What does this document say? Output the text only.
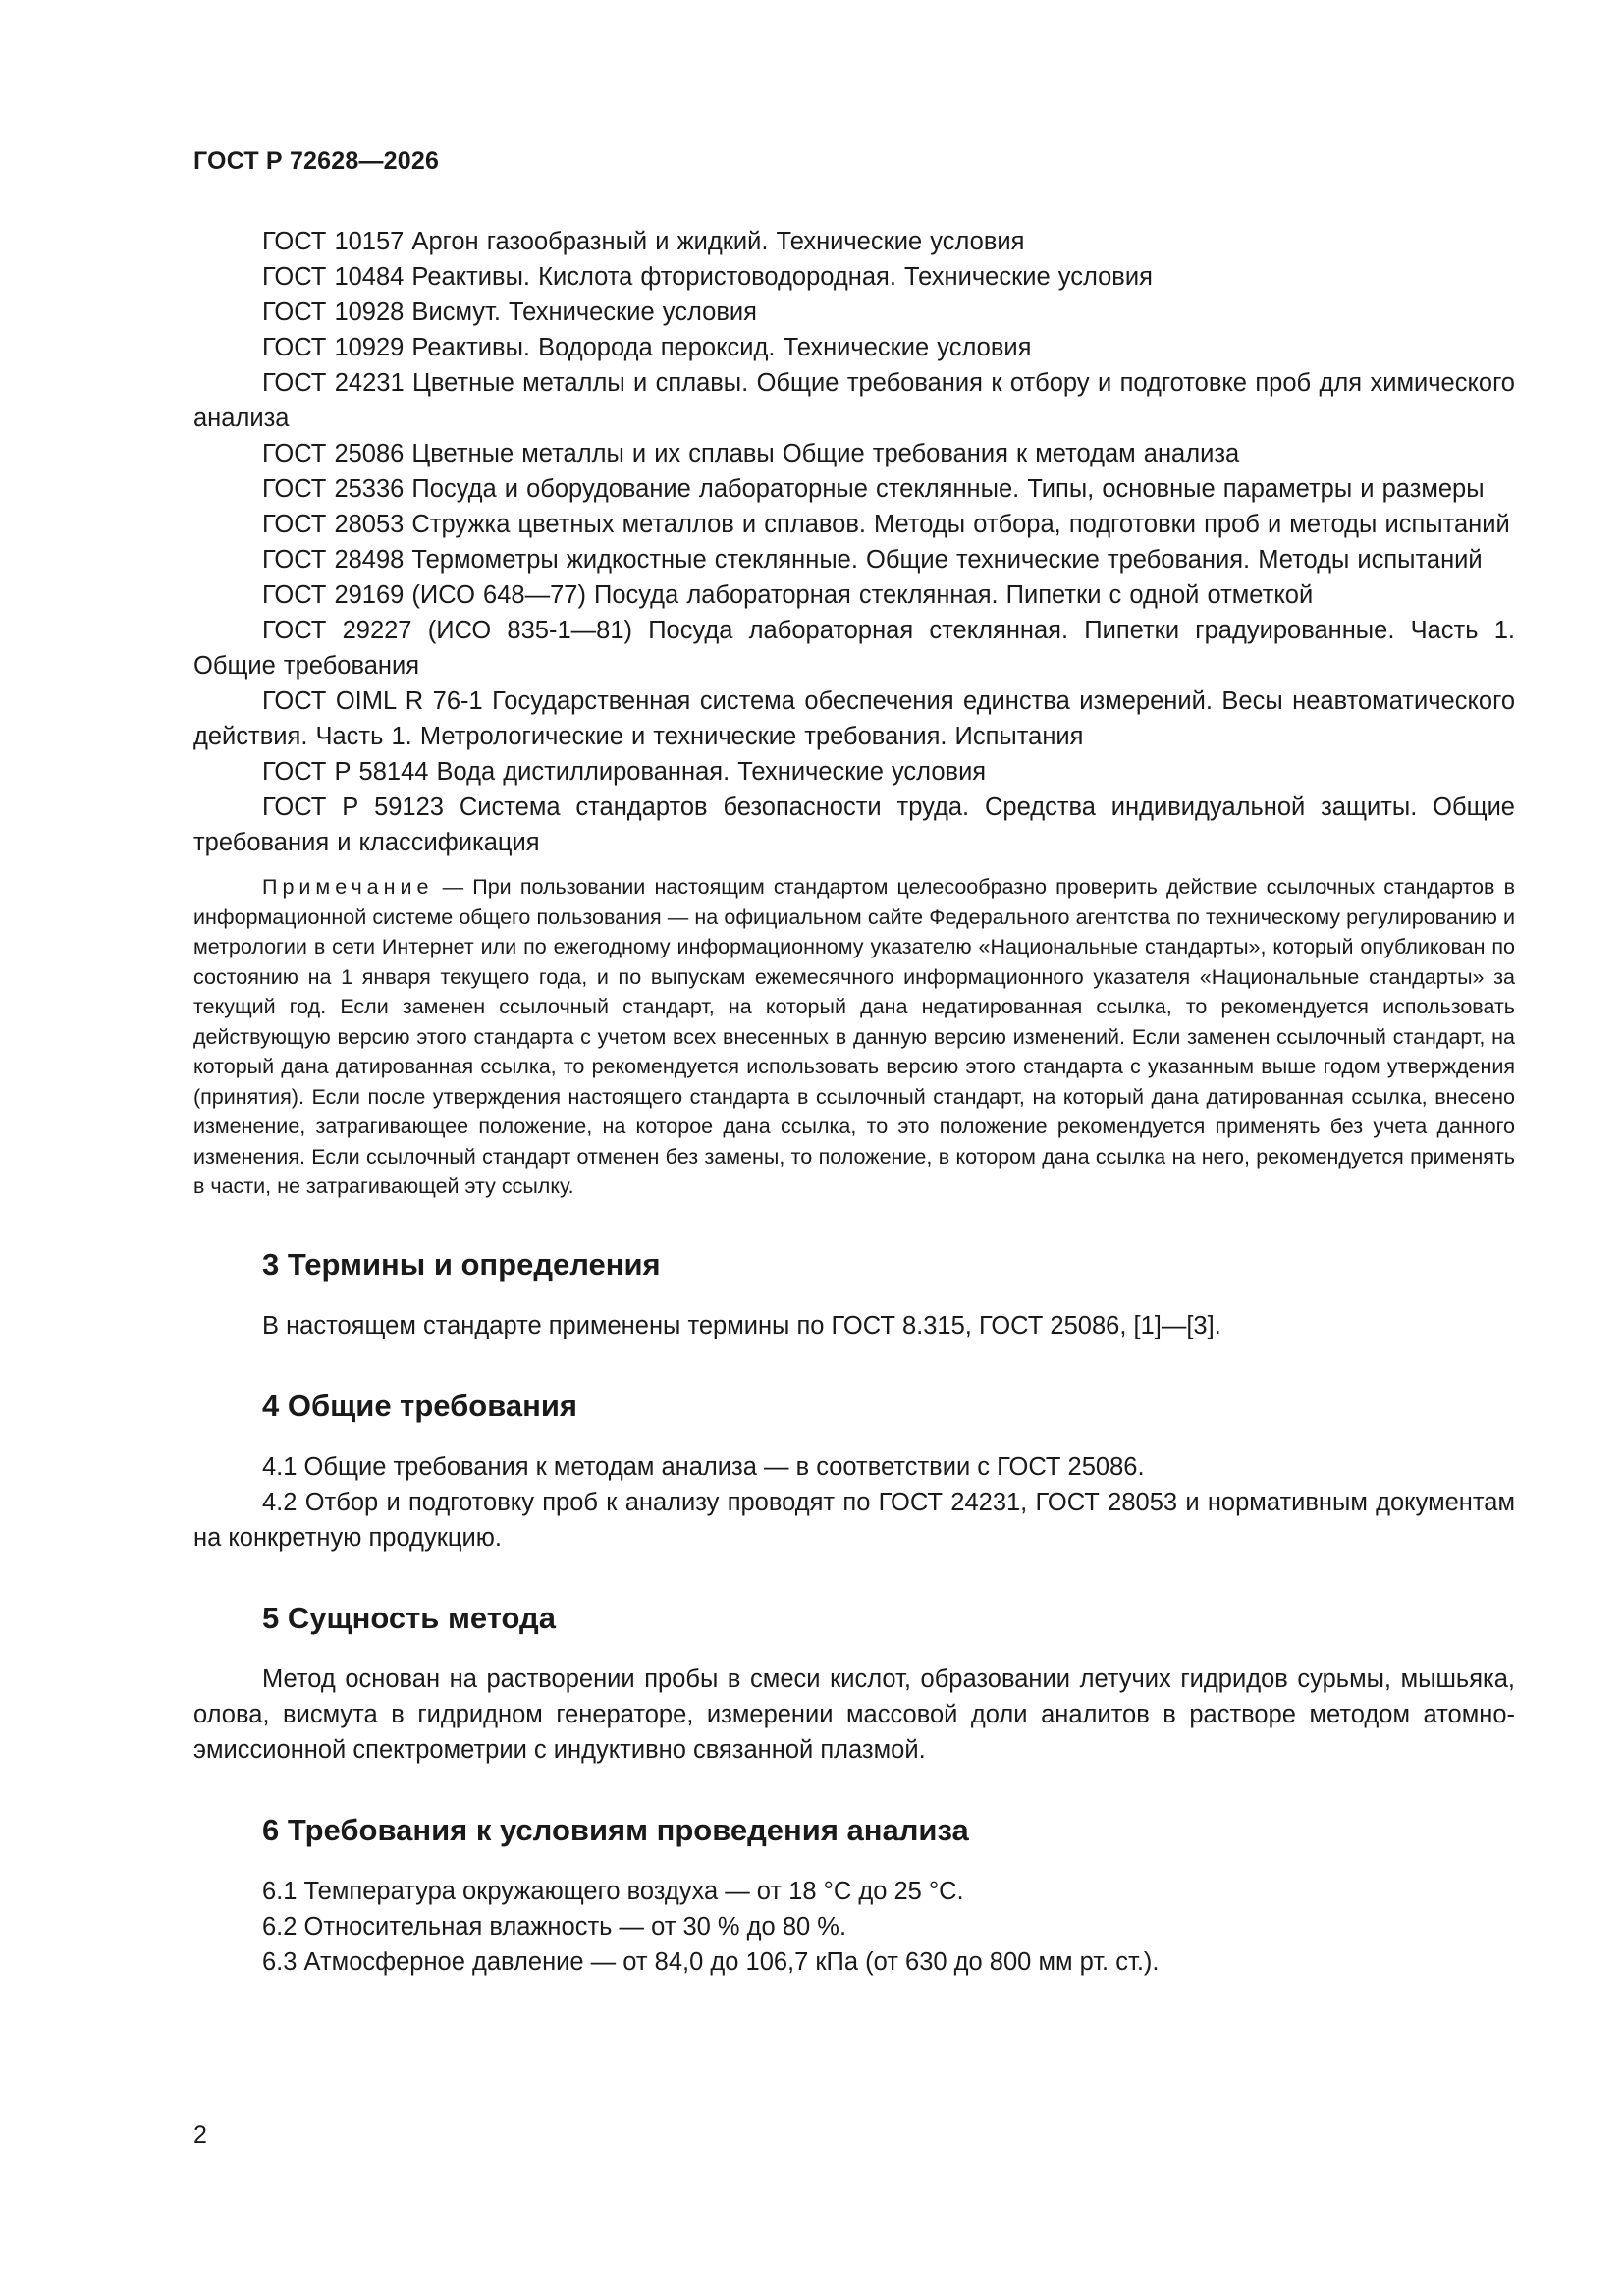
ГОСТ Р 72628—2026

ГОСТ 10157 Аргон газообразный и жидкий. Технические условия

ГОСТ 10484 Реактивы. Кислота фтористоводородная. Технические условия

ГОСТ 10928 Висмут. Технические условия

ГОСТ 10929 Реактивы. Водорода пероксид. Технические условия

ГОСТ 24231 Цветные металлы и сплавы. Общие требования к отбору и подготовке проб для химического анализа

ГОСТ 25086 Цветные металлы и их сплавы Общие требования к методам анализа

ГОСТ 25336 Посуда и оборудование лабораторные стеклянные. Типы, основные параметры и размеры

ГОСТ 28053 Стружка цветных металлов и сплавов. Методы отбора, подготовки проб и методы испытаний

ГОСТ 28498 Термометры жидкостные стеклянные. Общие технические требования. Методы испытаний

ГОСТ 29169 (ИСО 648—77) Посуда лабораторная стеклянная. Пипетки с одной отметкой

ГОСТ 29227 (ИСО 835-1—81) Посуда лабораторная стеклянная. Пипетки градуированные. Часть 1. Общие требования

ГОСТ OIML R 76-1 Государственная система обеспечения единства измерений. Весы неавтоматического действия. Часть 1. Метрологические и технические требования. Испытания

ГОСТ Р 58144 Вода дистиллированная. Технические условия

ГОСТ Р 59123 Система стандартов безопасности труда. Средства индивидуальной защиты. Общие требования и классификация

Примечание — При пользовании настоящим стандартом целесообразно проверить действие ссылочных стандартов в информационной системе общего пользования — на официальном сайте Федерального агентства по техническому регулированию и метрологии в сети Интернет или по ежегодному информационному указателю «Национальные стандарты», который опубликован по состоянию на 1 января текущего года, и по выпускам ежемесячного информационного указателя «Национальные стандарты» за текущий год. Если заменен ссылочный стандарт, на который дана недатированная ссылка, то рекомендуется использовать действующую версию этого стандарта с учетом всех внесенных в данную версию изменений. Если заменен ссылочный стандарт, на который дана датированная ссылка, то рекомендуется использовать версию этого стандарта с указанным выше годом утверждения (принятия). Если после утверждения настоящего стандарта в ссылочный стандарт, на который дана датированная ссылка, внесено изменение, затрагивающее положение, на которое дана ссылка, то это положение рекомендуется применять без учета данного изменения. Если ссылочный стандарт отменен без замены, то положение, в котором дана ссылка на него, рекомендуется применять в части, не затрагивающей эту ссылку.

3 Термины и определения

В настоящем стандарте применены термины по ГОСТ 8.315, ГОСТ 25086, [1]—[3].

4 Общие требования

4.1 Общие требования к методам анализа — в соответствии с ГОСТ 25086.

4.2 Отбор и подготовку проб к анализу проводят по ГОСТ 24231, ГОСТ 28053 и нормативным документам на конкретную продукцию.

5 Сущность метода

Метод основан на растворении пробы в смеси кислот, образовании летучих гидридов сурьмы, мышьяка, олова, висмута в гидридном генераторе, измерении массовой доли аналитов в растворе методом атомно-эмиссионной спектрометрии с индуктивно связанной плазмой.

6 Требования к условиям проведения анализа

6.1 Температура окружающего воздуха — от 18 °С до 25 °С.

6.2 Относительная влажность — от 30 % до 80 %.

6.3 Атмосферное давление — от 84,0 до 106,7 кПа (от 630 до 800 мм рт. ст.).

2
